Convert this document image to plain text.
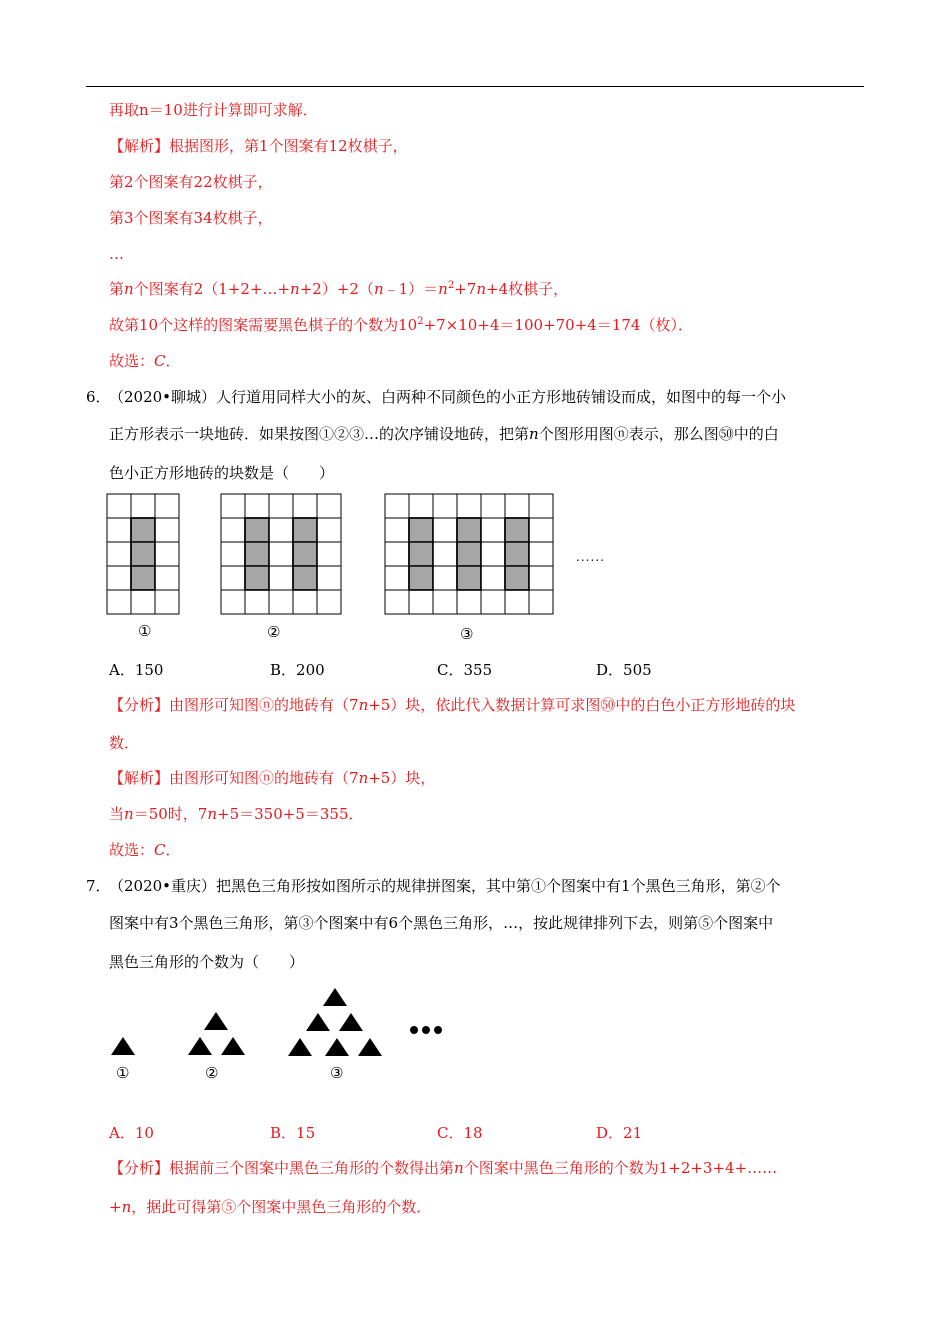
再取n＝10进行计算即可求解．
【解析】根据图形，第1个图案有12枚棋子，
第2个图案有22枚棋子，
第3个图案有34枚棋子，
…
第n个图案有$2(1+2+\dots+n+2)+2(n﹣1)=n^2+7n+4$枚棋子，
故第10个这样的图案需要黑色棋子的个数为$10^2+7\times 10+4=100+70+4=174$（枚）．
故选：C．
6．
（2020•聊城）人行道用同样大小的灰、白两种不同颜色的小正方形地砖铺设而成，如图中的每一个小
正方形表示一块地砖．如果按图①②③…的次序铺设地砖，把第n个图形用图ⓝ表示，那么图㊿中的白
色小正方形地砖的块数是（　　）
......
①	②	③
A．150	B．200	C．355	D．505
【分析】由图形可知图ⓝ的地砖有（7n+5）块，依此代入数据计算可求图㊿中的白色小正方形地砖的块
数．
【解析】由图形可知图ⓝ的地砖有（7n+5）块，
当n＝50时，7n+5＝350+5＝355．
故选：C．
7．
（2020•重庆）把黑色三角形按如图所示的规律拼图案，其中第①个图案中有1个黑色三角形，第②个
图案中有3个黑色三角形，第③个图案中有6个黑色三角形，…，按此规律排列下去，则第⑤个图案中
黑色三角形的个数为（　　）
①	②	③
A．10	B．15	C．18	D．21
【分析】根据前三个图案中黑色三角形的个数得出第n个图案中黑色三角形的个数为1+2+3+4+……
+n，据此可得第⑤个图案中黑色三角形的个数．
